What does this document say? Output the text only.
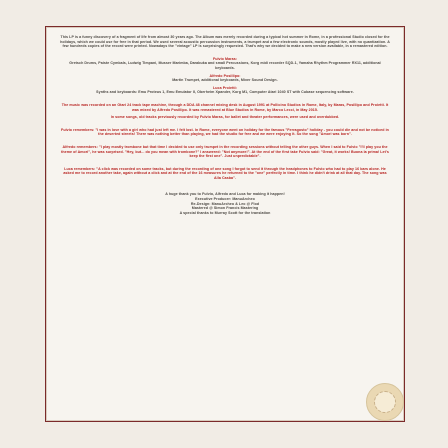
This LP is a funny discovery of a fragment of life from almost 30 years ago. The Album was merely recorded during a typical hot summer in Rome, in a professional Studio closed for the holidays, which we could use for free in that period. We used several acoustic percussion instruments, a trumpet and a few electronic sounds, mostly played live, with no quantization. A few hundreds copies of the record were printed. Nowadays the "vintage" LP is surprisingly requested. That's why we decided to make a new version available, in a remastered edition.

Fulvio Maras:
Gretsch Drums, Paiste Cymbals, Ludwig Timpani, Musser Marimba, Darabuka and small Percussions, Korg midi recorder SQD-1, Yamaha Rhythm Programmer RX11, additional keyboards.
Alfredo Posillipo:
Martin Trumpet, additional keyboards, Mixer Sound Design.
Luca Proietti:
Synths and keyboards: Emu Proteus 1, Emu Emulator II, Oberheim Xpander, Korg M1, Computer Atari 1040 ST with Cubase sequencing software.

The music was recorded on an Otari 24 track tape machine, through a DDA 48 channel mixing desk in August 1991 at Pollicino Studios in Rome, Italy, by Maras, Posillipo and Proietti. It was mixed by Alfredo Posillipo. It was remastered at Blue Studios in Rome, by Marco Lecci, in May 2015.

In some songs, old tracks previously recorded by Fulvio Maras, for ballet and theater performances, were used and overdubbed.

Fulvio remembers: "I was in love with a girl who had just left me. I felt lost. In Rome, everyone went on holiday for the famous "Ferragosto" holiday - you could die and not be noticed in the deserted streets! There was nothing better than playing, we had the studio for free and we were enjoying it. So the song "Amori was born".

Alfredo remembers: "I play mostly trombone but that time I decided to use only trumpet in the recording sessions without telling the other guys. When I said to Fulvio "I'll play you the theme of Amori", he was surprised. "Hey, but... do you mean with trombone?" I answered: "Not anymore!". At the end of the first take Fulvio said: "Great, it works! Buona la prima! Let's keep the first one". Just unpredictable".

Luca remembers: "A click was recorded on some tracks, but during the recording of one song I forgot to send it through the headphones to Fulvio who had to play 16 bars alone. He asked me to record another take, again without a click and at the end of the 16 measures he returned to the "one" perfectly in time. I think he didn't drink at all that day. The song was Alla Casba".

A huge thank you to Fulvio, Alfredo and Luca for making it happen!
Executive Producer: ManuArcheo
Re-Design: ManuArcheo & Leo @ Flod
Mastered @ Simon Francis Mastering
A special thanks to Murray Scott for the translation
